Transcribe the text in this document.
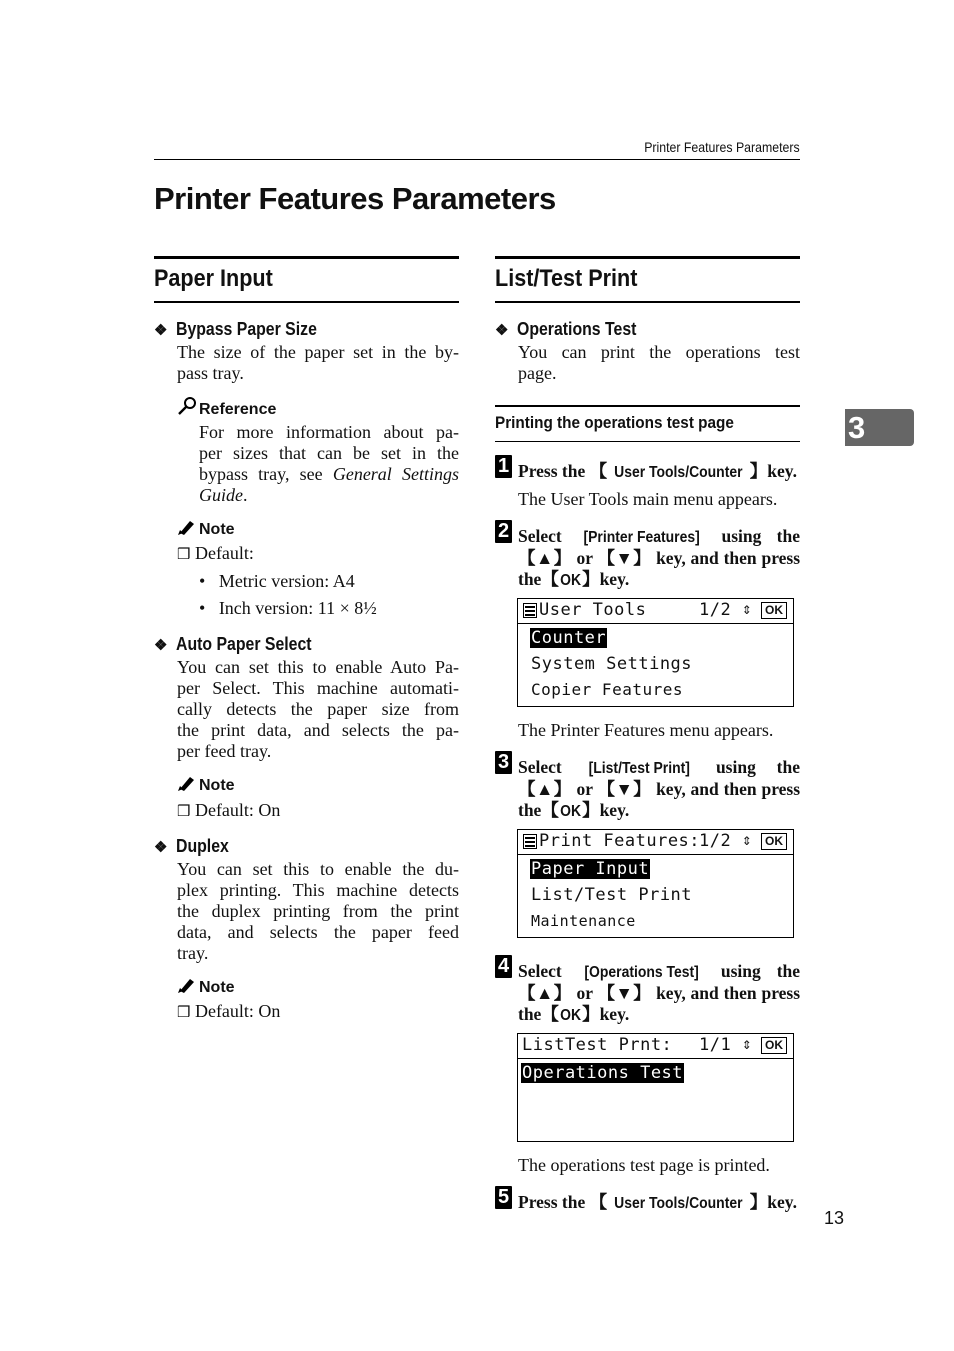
Printer Features Parameters
Printer Features Parameters
3
Paper Input
❖ Bypass Paper Size
The size of the paper set in the by-
pass tray.
Reference
For more information about pa-
per sizes that can be set in the
bypass tray, see General Settings
Guide.
Note
❒ Default:
• Metric version: A4
• Inch version: 11 × 8½
❖ Auto Paper Select
You can set this to enable Auto Pa-
per Select. This machine automati-
cally detects the paper size from
the print data, and selects the pa-
per feed tray.
Note
❒ Default: On
❖ Duplex
You can set this to enable the du-
plex printing. This machine detects
the duplex printing from the print
data, and selects the paper feed
tray.
Note
❒ Default: On
List/Test Print
❖ Operations Test
You can print the operations test
page.
Printing the operations test page
1 Press the 【 User Tools/Counter 】key.
The User Tools main menu appears.
2 Select [Printer Features] using the
【▲】 or 【▼】 key, and then press
the【OK】key.
User Tools	1/2 ⇕	OK
Counter
System Settings
Copier Features
The Printer Features menu appears.
3 Select [List/Test Print] using the
【▲】 or 【▼】 key, and then press
the【OK】key.
Print Features:
1/2 ⇕	OK
Paper Input
List/Test Print
Maintenance
4 Select [Operations Test] using the
【▲】 or 【▼】 key, and then press
the【OK】key.
ListTest Prnt: 1/1 ⇕	OK
Operations Test
The operations test page is printed.
5 Press the 【 User Tools/Counter 】key.
13
